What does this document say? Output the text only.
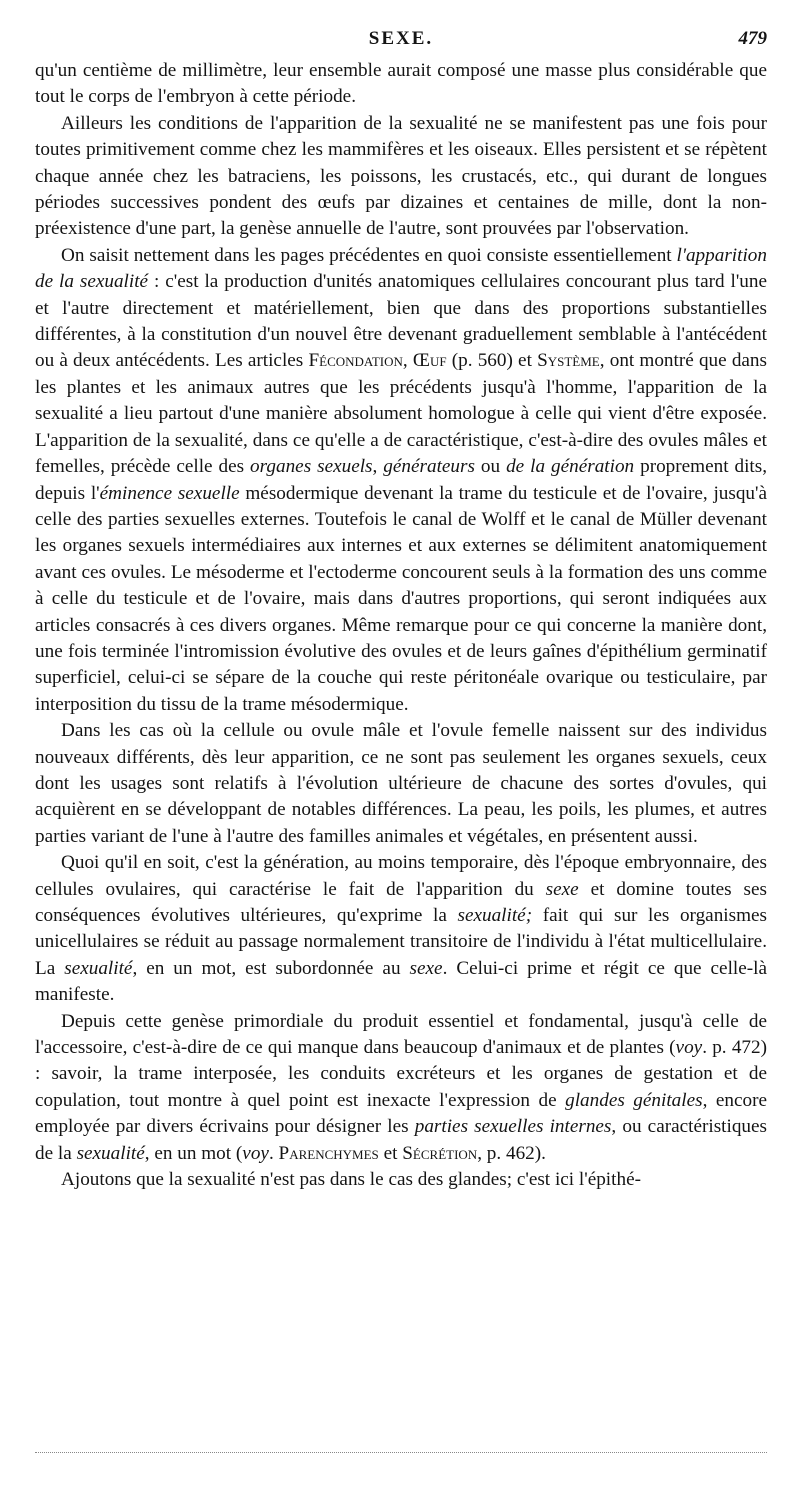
SEXE.	479

qu'un centième de millimètre, leur ensemble aurait composé une masse plus considérable que tout le corps de l'embryon à cette période.

Ailleurs les conditions de l'apparition de la sexualité ne se manifestent pas une fois pour toutes primitivement comme chez les mammifères et les oiseaux. Elles persistent et se répètent chaque année chez les batraciens, les poissons, les crustacés, etc., qui durant de longues périodes successives pondent des œufs par dizaines et centaines de mille, dont la non-préexistence d'une part, la genèse annuelle de l'autre, sont prouvées par l'observation.

On saisit nettement dans les pages précédentes en quoi consiste essentiellement l'apparition de la sexualité : c'est la production d'unités anatomiques cellulaires concourant plus tard l'une et l'autre directement et matériellement, bien que dans des proportions substantielles différentes, à la constitution d'un nouvel être devenant graduellement semblable à l'antécédent ou à deux antécédents. Les articles Fécondation, Œuf (p. 560) et Système, ont montré que dans les plantes et les animaux autres que les précédents jusqu'à l'homme, l'apparition de la sexualité a lieu partout d'une manière absolument homologue à celle qui vient d'être exposée. L'apparition de la sexualité, dans ce qu'elle a de caractéristique, c'est-à-dire des ovules mâles et femelles, précède celle des organes sexuels, générateurs ou de la génération proprement dits, depuis l'éminence sexuelle mésodermique devenant la trame du testicule et de l'ovaire, jusqu'à celle des parties sexuelles externes. Toutefois le canal de Wolff et le canal de Müller devenant les organes sexuels intermédiaires aux internes et aux externes se délimitent anatomiquement avant ces ovules. Le mésoderme et l'ectoderme concourent seuls à la formation des uns comme à celle du testicule et de l'ovaire, mais dans d'autres proportions, qui seront indiquées aux articles consacrés à ces divers organes. Même remarque pour ce qui concerne la manière dont, une fois terminée l'intromission évolutive des ovules et de leurs gaînes d'épithélium germinatif superficiel, celui-ci se sépare de la couche qui reste péritonéale ovarique ou testiculaire, par interposition du tissu de la trame mésodermique.

Dans les cas où la cellule ou ovule mâle et l'ovule femelle naissent sur des individus nouveaux différents, dès leur apparition, ce ne sont pas seulement les organes sexuels, ceux dont les usages sont relatifs à l'évolution ultérieure de chacune des sortes d'ovules, qui acquièrent en se développant de notables différences. La peau, les poils, les plumes, et autres parties variant de l'une à l'autre des familles animales et végétales, en présentent aussi.

Quoi qu'il en soit, c'est la génération, au moins temporaire, dès l'époque embryonnaire, des cellules ovulaires, qui caractérise le fait de l'apparition du sexe et domine toutes ses conséquences évolutives ultérieures, qu'exprime la sexualité; fait qui sur les organismes unicellulaires se réduit au passage normalement transitoire de l'individu à l'état multicellulaire. La sexualité, en un mot, est subordonnée au sexe. Celui-ci prime et régit ce que celle-là manifeste.

Depuis cette genèse primordiale du produit essentiel et fondamental, jusqu'à celle de l'accessoire, c'est-à-dire de ce qui manque dans beaucoup d'animaux et de plantes (voy. p. 472) : savoir, la trame interposée, les conduits excréteurs et les organes de gestation et de copulation, tout montre à quel point est inexacte l'expression de glandes génitales, encore employée par divers écrivains pour désigner les parties sexuelles internes, ou caractéristiques de la sexualité, en un mot (voy. Parenchymes et Sécrétion, p. 462).

Ajoutons que la sexualité n'est pas dans le cas des glandes; c'est ici l'épithé-
